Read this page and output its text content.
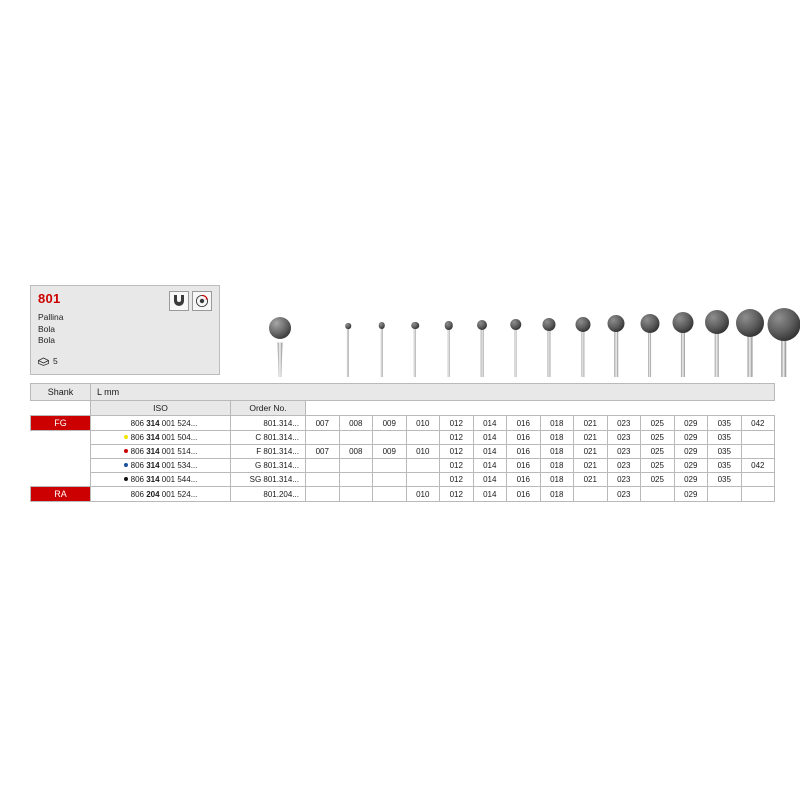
801
Pallina
Bola
Bola
5
Shank	L mm															
	ISO	Order No.														
FG	806 314 001 524...	801.314...	007	008	009	010	012	014	016	018	021	023	025	029	035	042
	806 314 001 504...	C 801.314...					012	014	016	018	021	023	025	029	035	
	806 314 001 514...	F 801.314...	007	008	009	010	012	014	016	018	021	023	025	029	035	
	806 314 001 534...	G 801.314...					012	014	016	018	021	023	025	029	035	042
	806 314 001 544...	SG 801.314...					012	014	016	018	021	023	025	029	035	
RA	806 204 001 524...	801.204...				010	012	014	016	018		023		029		
